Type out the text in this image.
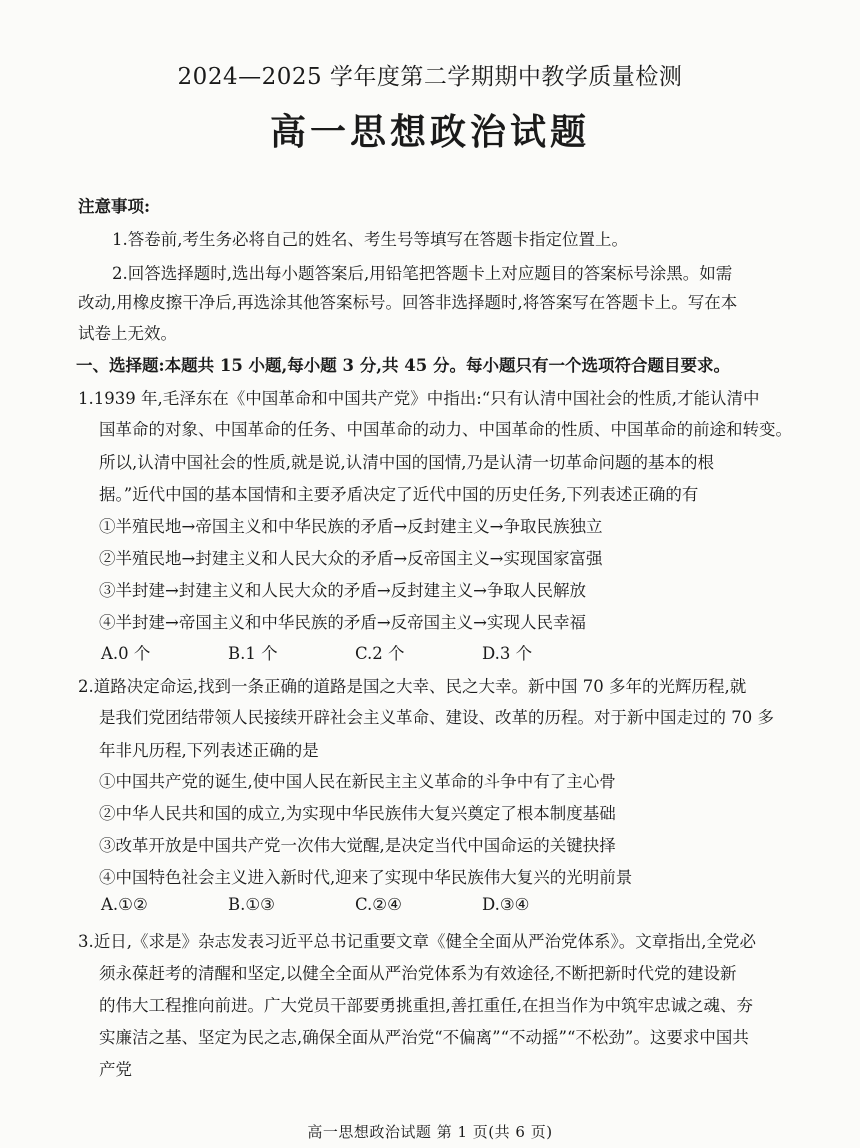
2024—2025 学年度第二学期期中教学质量检测
高一思想政治试题
注意事项:
1.答卷前,考生务必将自己的姓名、考生号等填写在答题卡指定位置上。
2.回答选择题时,选出每小题答案后,用铅笔把答题卡上对应题目的答案标号涂黑。如需
改动,用橡皮擦干净后,再选涂其他答案标号。回答非选择题时,将答案写在答题卡上。写在本
试卷上无效。
一、选择题:本题共 15 小题,每小题 3 分,共 45 分。每小题只有一个选项符合题目要求。
1.1939 年,毛泽东在《中国革命和中国共产党》中指出:“只有认清中国社会的性质,才能认清中
国革命的对象、中国革命的任务、中国革命的动力、中国革命的性质、中国革命的前途和转变。
所以,认清中国社会的性质,就是说,认清中国的国情,乃是认清一切革命问题的基本的根
据。”近代中国的基本国情和主要矛盾决定了近代中国的历史任务,下列表述正确的有
①半殖民地→帝国主义和中华民族的矛盾→反封建主义→争取民族独立
②半殖民地→封建主义和人民大众的矛盾→反帝国主义→实现国家富强
③半封建→封建主义和人民大众的矛盾→反封建主义→争取人民解放
④半封建→帝国主义和中华民族的矛盾→反帝国主义→实现人民幸福
A.0 个	B.1 个	C.2 个	D.3 个
2.道路决定命运,找到一条正确的道路是国之大幸、民之大幸。新中国 70 多年的光辉历程,就
是我们党团结带领人民接续开辟社会主义革命、建设、改革的历程。对于新中国走过的 70 多
年非凡历程,下列表述正确的是
①中国共产党的诞生,使中国人民在新民主主义革命的斗争中有了主心骨
②中华人民共和国的成立,为实现中华民族伟大复兴奠定了根本制度基础
③改革开放是中国共产党一次伟大觉醒,是决定当代中国命运的关键抉择
④中国特色社会主义进入新时代,迎来了实现中华民族伟大复兴的光明前景
A.①②	B.①③	C.②④	D.③④
3.近日,《求是》杂志发表习近平总书记重要文章《健全全面从严治党体系》。文章指出,全党必
须永葆赶考的清醒和坚定,以健全全面从严治党体系为有效途径,不断把新时代党的建设新
的伟大工程推向前进。广大党员干部要勇挑重担,善扛重任,在担当作为中筑牢忠诚之魂、夯
实廉洁之基、坚定为民之志,确保全面从严治党“不偏离”“不动摇”“不松劲”。这要求中国共
产党
高一思想政治试题 第 1 页(共 6 页)
